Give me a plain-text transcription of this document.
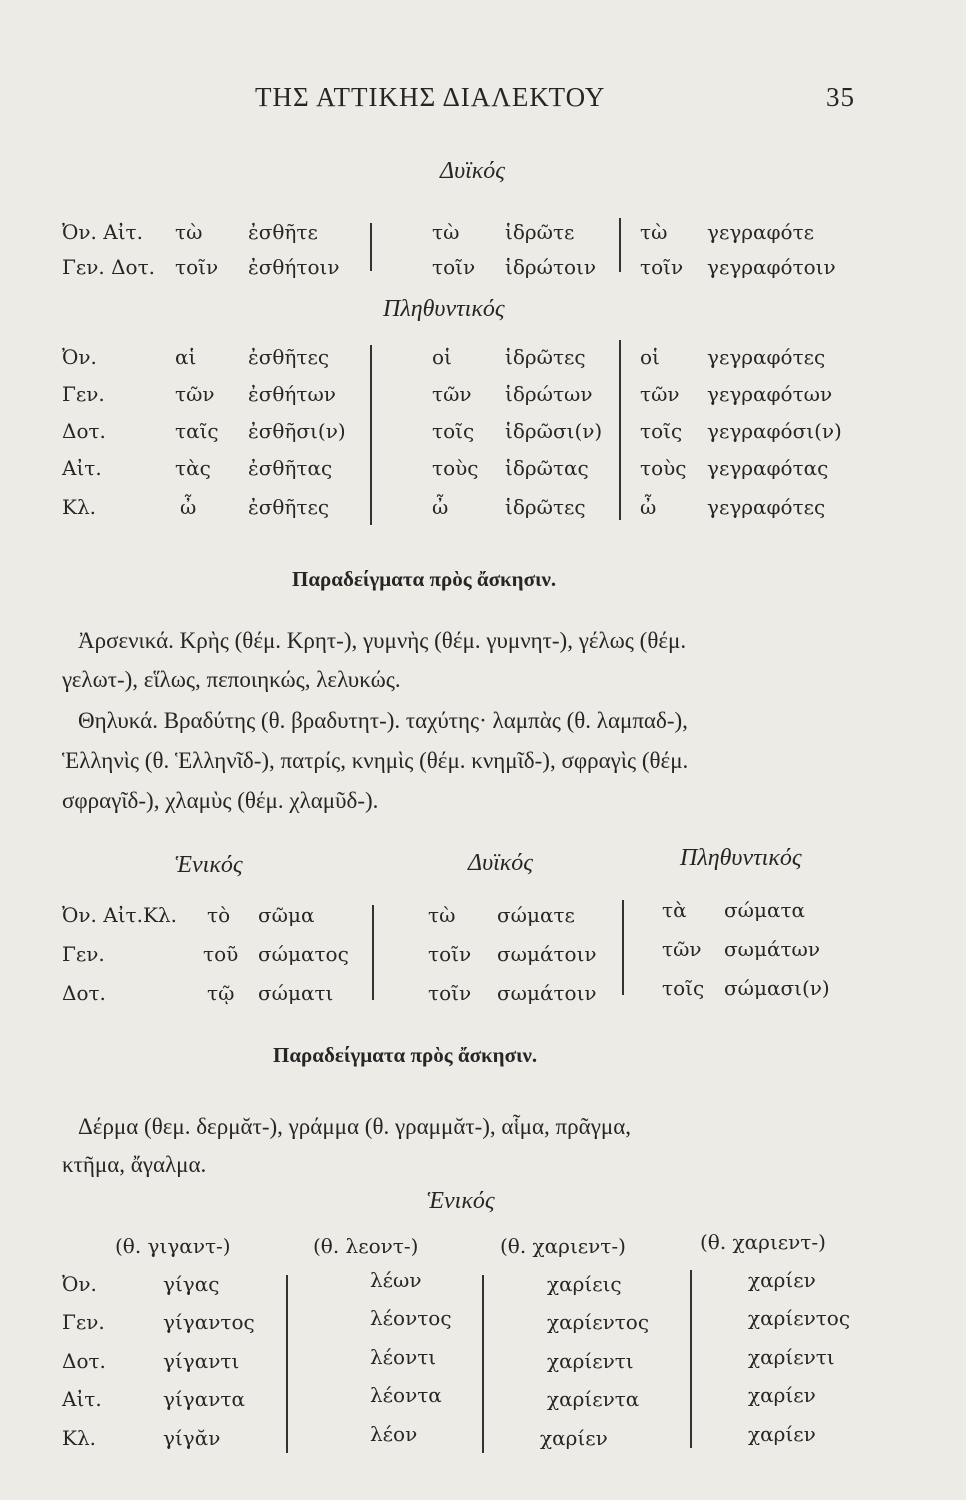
ΤΗΣ ΑΤΤΙΚΗΣ ΔΙΑΛΕΚΤΟΥ	35
Δυϊκός
Ὀν. Αἰτ. τὼ ἐσθῆτε	τὼ ἱδρῶτε	τὼ γεγραφότε
Γεν. Δοτ. τοῖν ἐσθήτοιν	τοῖν ἱδρώτοιν τοῖν γεγραφότοιν
Πληθυντικός
Ὀν.	αἱ	ἐσθῆτες	οἱ	ἱδρῶτες	οἱ γεγραφότες
Γεν.	τῶν ἐσθήτων	τῶν ἱδρώτων τῶν γεγραφότων
Δοτ.	ταῖς ἐσθῆσι(ν)	τοῖς ἱδρῶσι(ν) τοῖς γεγραφόσι(ν)
Αἰτ.	τὰς ἐσθῆτας	τοὺς ἱδρῶτας	τοὺς γεγραφότας
Κλ.	ὦ	ἐσθῆτες	ὦ	ἱδρῶτες	ὦ	γεγραφότες
Παραδείγματα πρὸς ἄσκησιν.
Ἀρσενικά. Κρὴς (θέμ. Κρητ-), γυμνὴς (θέμ. γυμνητ-), γέλως (θέμ.
γελωτ-), εἵλως, πεποιηκώς, λελυκώς.
Θηλυκά. Βραδύτης (θ. βραδυτητ-). ταχύτης· λαμπὰς (θ. λαμπαδ-),
Ἑλληνὶς (θ. Ἑλληνῖδ-), πατρίς, κνημὶς (θέμ. κνημῖδ-), σφραγὶς (θέμ.
σφραγῖδ-), χλαμὺς (θέμ. χλαμῦδ-).
Ἑνικός	Δυϊκός	Πληθυντικός
Ὀν. Αἰτ.Κλ. τὸ σῶμα	τὼ σώματε	τὰ σώματα
Γεν.	τοῦ σώματος	τοῖν σωμάτοιν	τῶν σωμάτων
Δοτ.	τῷ σώματι	τοῖν σωμάτοιν	τοῖς σώμασι(ν)
Παραδείγματα πρὸς ἄσκησιν.
Δέρμα (θεμ. δερμᾰτ-), γράμμα (θ. γραμμᾰτ-), αἷμα, πρᾶγμα,
κτῆμα, ἄγαλμα.
Ἑνικός
(θ. γιγαντ-)	(θ. λεοντ-)	(θ. χαριεντ-)	(θ. χαριεντ-)
Ὀν.	γίγας	λέων	χαρίεις	χαρίεν
Γεν.	γίγαντος	λέοντος	χαρίεντος	χαρίεντος
Δοτ.	γίγαντι	λέοντι	χαρίεντι	χαρίεντι
Αἰτ.	γίγαντα	λέοντα	χαρίεντα	χαρίεν
Κλ.	γίγᾰν	λέον	χαρίεν	χαρίεν
